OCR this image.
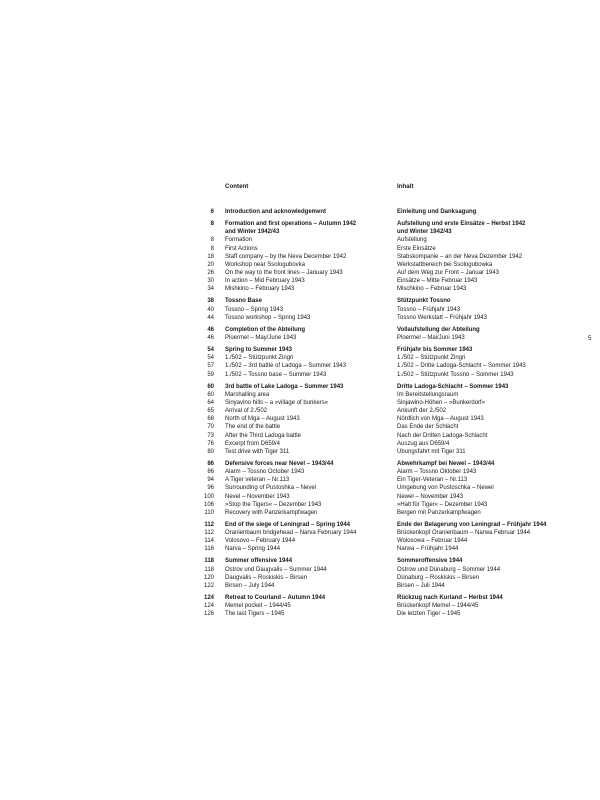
Content	Inhalt
6 Introduction and acknowledgement	Einleitung und Danksagung
8 Formation and first operations – Autumn 1942	Aufstellung und erste Einsätze – Herbst 1942
and Winter 1942/43	und Winter 1942/43
8 Formation	Aufstellung
8 First Actions	Erste Einsätze
18 Staff company – by the Neva December 1942	Stabskompanie – an der Neva Dezember 1942
20 Workshop near Ssologubovka	Werkstattbereich bei Ssologubowka
26 On the way to the front lines – January 1943	Auf dem Weg zur Front – Januar 1943
30 In action – Mid February 1943	Einsätze – Mitte Februar 1943
34 Mishkino – February 1943	Mischkino – Februar 1943
38 Tossno Base	Stützpunkt Tossno
40 Tossno – Spring 1943	Tossno – Frühjahr 1943
44 Tossno workshop – Spring 1943	Tossno Werkstatt – Frühjahr 1943
46 Completion of the Abteilung	Vollaufstellung der Abteilung
46 Ploermel – May/June 1943	Ploermel – Mai/Juni 1943
54 Spring to Summer 1943	Frühjahr bis Sommer 1943
54 1./502 – Stützpunkt Zingri	1./502 – Stützpunkt Zingri
57 1./502 – 3rd battle of Ladoga – Summer 1943	1./502 – Dritte Ladoga-Schlacht – Sommer 1943
59 1./502 – Tossno base – Summer 1943	1./502 – Stützpunkt Tossno – Sommer 1943
60 3rd battle of Lake Ladoga – Summer 1943	Dritte Ladoga-Schlacht – Sommer 1943
60 Marshalling area	Im Bereitstellungsraum
64 Sinyavino hills – a »village of bunkers«	Sinjawino-Höhen – »Bunkerdorf«
65 Arrival of 2./502	Ankunft der 2./502
68 North of Mga – August 1943	Nördlich von Mga – August 1943
70 The end of the battle	Das Ende der Schlacht
73 After the Third Ladoga battle	Nach der Dritten Ladoga-Schlacht
76 Excerpt from D659/4	Auszug aus D659/4
80 Test drive with Tiger 311	Übungsfahrt mit Tiger 311
86 Defensive forces near Nevel – 1943/44	Abwehrkampf bei Newel – 1943/44
86 Alarm – Tossno October 1943	Alarm – Tossno Oktober 1943
94 A Tiger veteran – Nr.113	Ein Tiger-Veteran – Nr.113
96 Surrounding of Pustoshka – Nevel	Umgebung von Pustoschka – Newel
100 Nevel – November 1943	Newel – November 1943
106 »Stop the Tigers« – Dezember 1943	»Halt für Tiger« – Dezember 1943
110 Recovery with Panzerkampfwagen	Bergen mit Panzerkampfwagen
112 End of the siege of Leningrad – Spring 1944	Ende der Belagerung von Leningrad – Frühjahr 1944
112 Oranienbaum bridgehead – Narva February 1944	Brückenkopf Oranienbaum – Narwa Februar 1944
114 Volosovo – February 1944	Wolosowa – Februar 1944
116 Narva – Spring 1944	Narwa – Frühjahr 1944
118 Summer offensive 1944	Sommeroffensive 1944
118 Ostrov und Daugvalis – Summer 1944	Ostrow und Dünaburg – Sommer 1944
120 Daugvalis – Roskiskis – Birsen	Dünaburg – Roskiskis – Birsen
122 Birsen – July 1944	Birsen – Juli 1944
124 Retreat to Courland – Autumn 1944	Rückzug nach Kurland – Herbst 1944
124 Memel pocket – 1944/45	Brückenkopf Memel – 1944/45
126 The last Tigers – 1945	Die letzten Tiger – 1945
5
